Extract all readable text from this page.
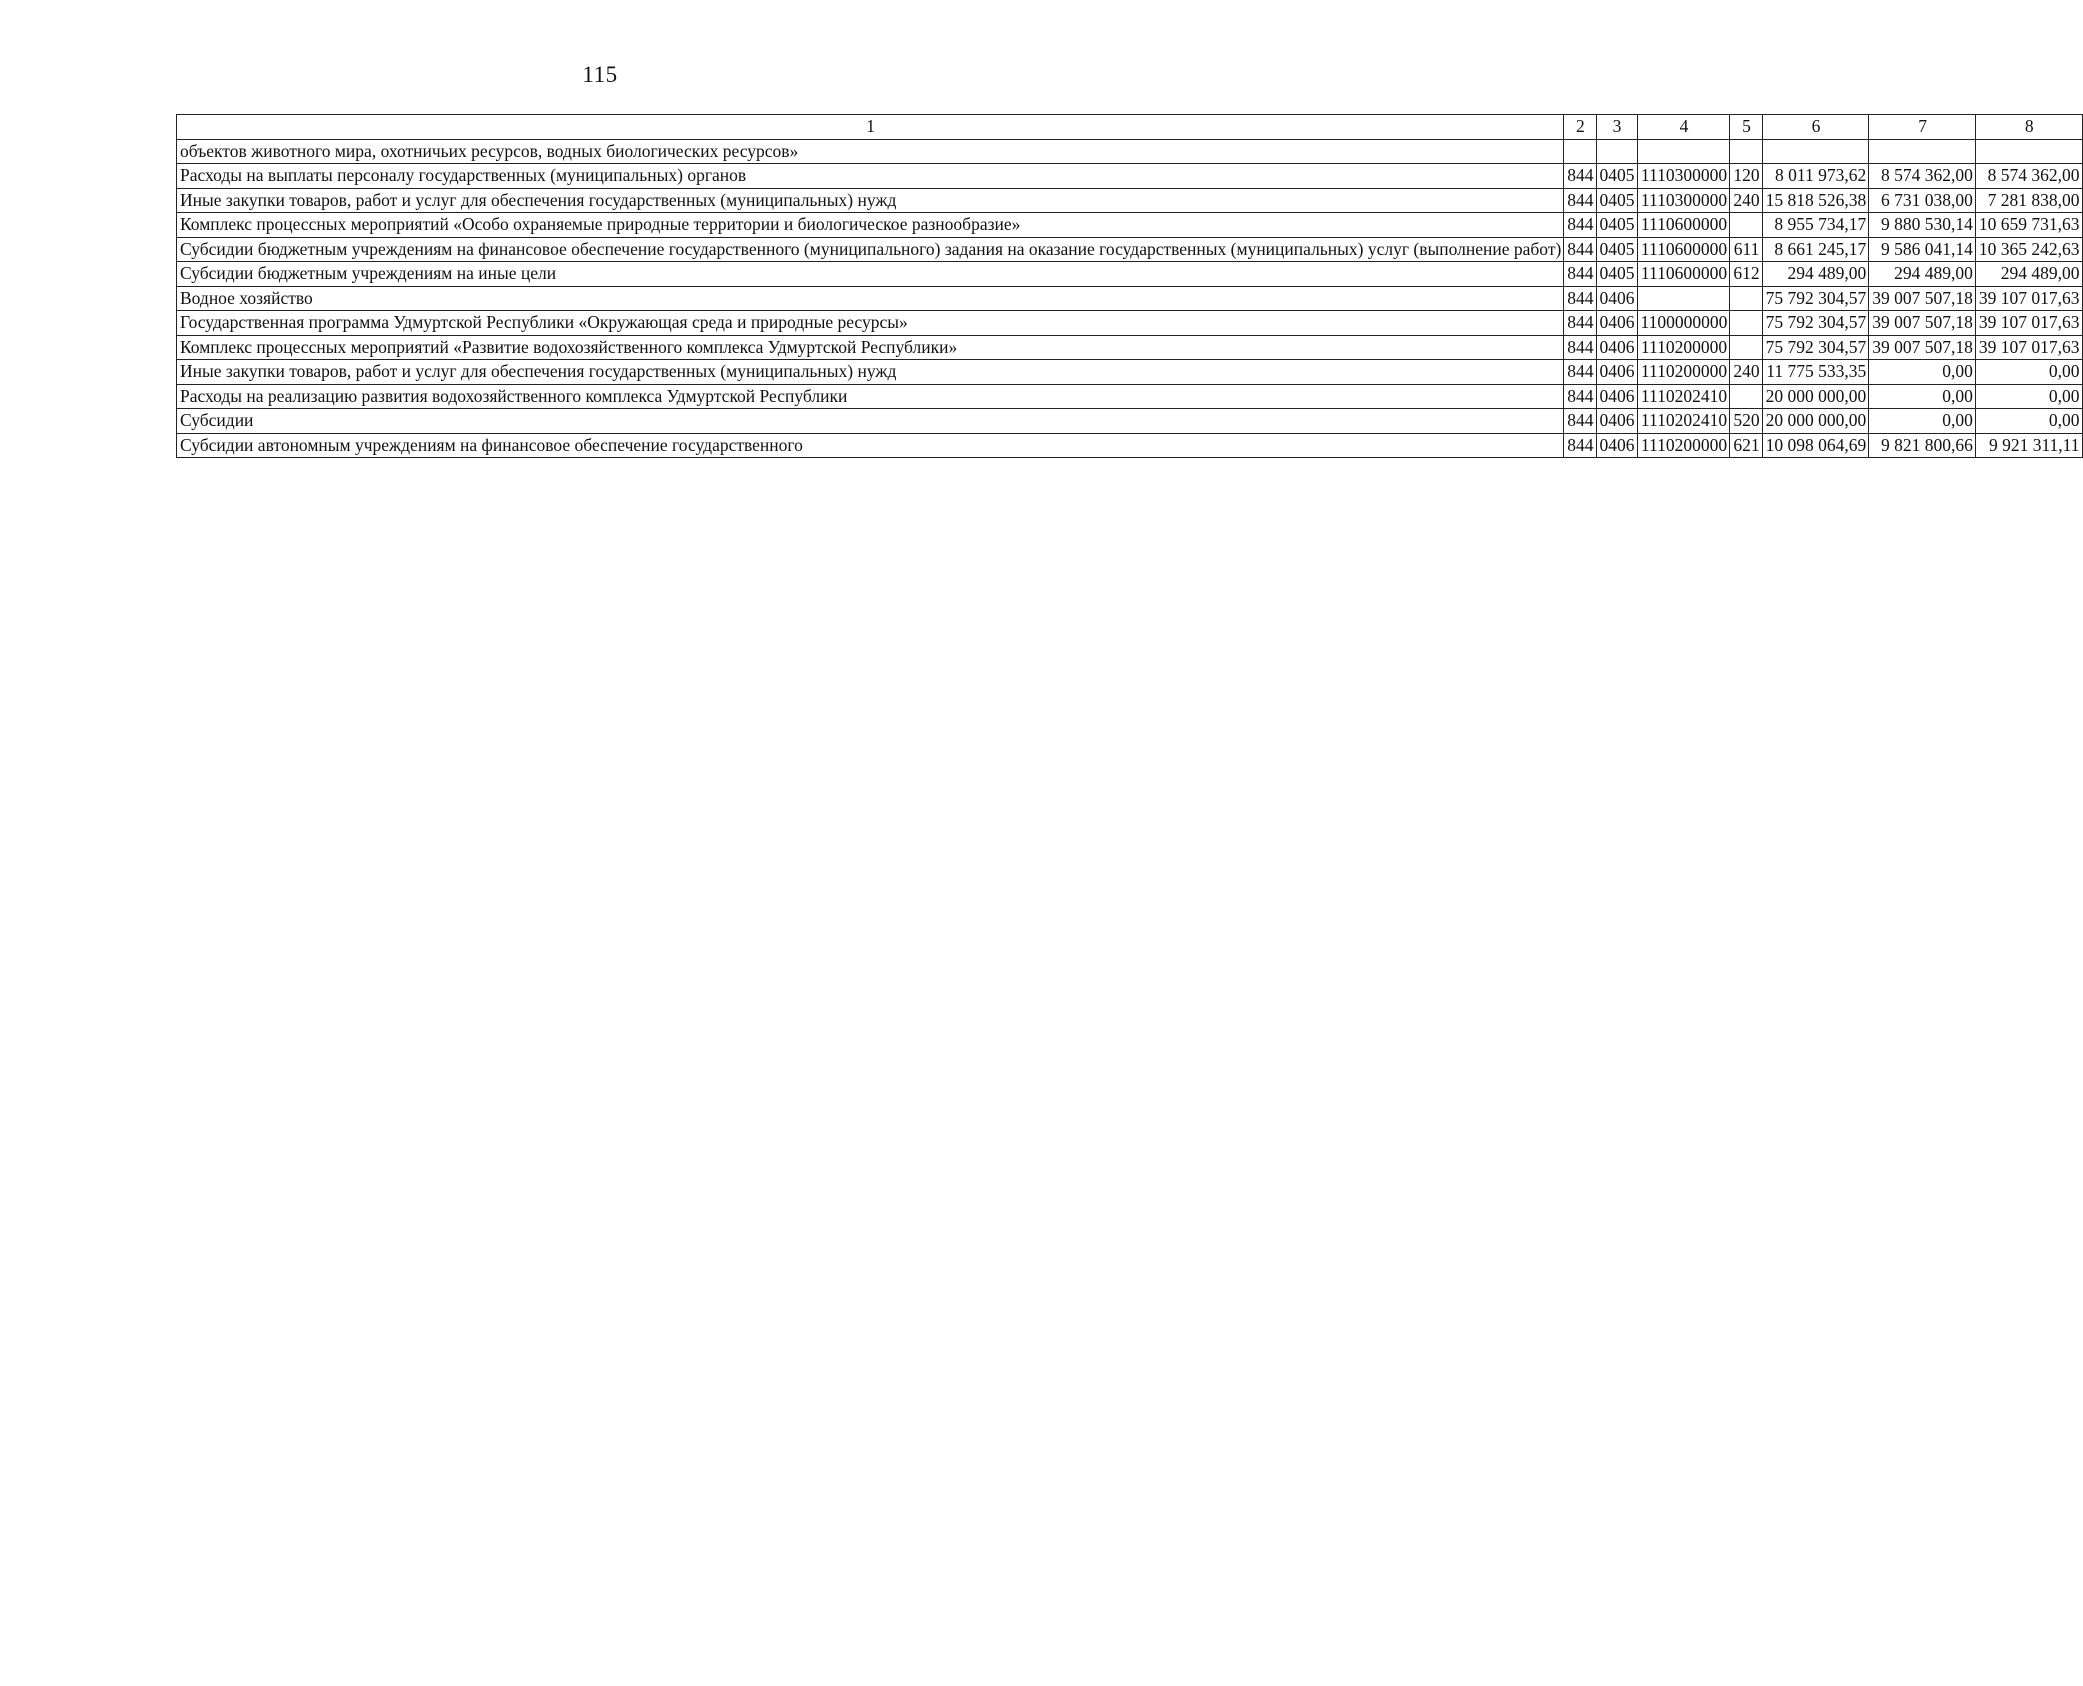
115
1	2	3	4	5	6	7	8
объектов животного мира, охотничьих ресурсов, водных биологических ресурсов»							
Расходы на выплаты персоналу государственных (муниципальных) органов	844	0405	1110300000	120	8 011 973,62	8 574 362,00	8 574 362,00
Иные закупки товаров, работ и услуг для обеспечения государственных (муниципальных) нужд	844	0405	1110300000	240	15 818 526,38	6 731 038,00	7 281 838,00
Комплекс процессных мероприятий «Особо охраняемые природные территории и биологическое разнообразие»	844	0405	1110600000		8 955 734,17	9 880 530,14	10 659 731,63
Субсидии бюджетным учреждениям на финансовое обеспечение государственного (муниципального) задания на оказание государственных (муниципальных) услуг (выполнение работ)	844	0405	1110600000	611	8 661 245,17	9 586 041,14	10 365 242,63
Субсидии бюджетным учреждениям на иные цели	844	0405	1110600000	612	294 489,00	294 489,00	294 489,00
Водное хозяйство	844	0406			75 792 304,57	39 007 507,18	39 107 017,63
Государственная программа Удмуртской Республики «Окружающая среда и природные ресурсы»	844	0406	1100000000		75 792 304,57	39 007 507,18	39 107 017,63
Комплекс процессных мероприятий «Развитие водохозяйственного комплекса Удмуртской Республики»	844	0406	1110200000		75 792 304,57	39 007 507,18	39 107 017,63
Иные закупки товаров, работ и услуг для обеспечения государственных (муниципальных) нужд	844	0406	1110200000	240	11 775 533,35	0,00	0,00
Расходы на реализацию развития водохозяйственного комплекса Удмуртской Республики	844	0406	1110202410		20 000 000,00	0,00	0,00
Субсидии	844	0406	1110202410	520	20 000 000,00	0,00	0,00
Субсидии автономным учреждениям на финансовое обеспечение государственного	844	0406	1110200000	621	10 098 064,69	9 821 800,66	9 921 311,11
